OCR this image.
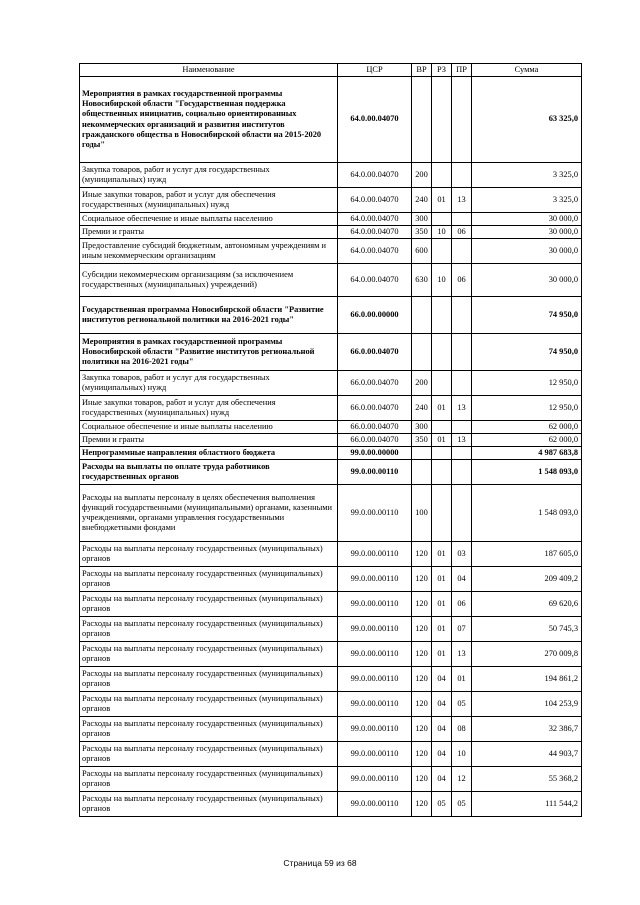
Наименование	ЦСР	ВР	РЗ	ПР	Сумма
Мероприятия в рамках государственной программы Новосибирской области "Государственная поддержка общественных инициатив, социально ориентированных некоммерческих организаций и развития институтов гражданского общества в Новосибирской области на 2015-2020 годы"	64.0.00.04070				63 325,0
Закупка товаров, работ и услуг для государственных (муниципальных) нужд	64.0.00.04070	200			3 325,0
Иные закупки товаров, работ и услуг для обеспечения государственных (муниципальных) нужд	64.0.00.04070	240	01	13	3 325,0
Социальное обеспечение и иные выплаты населению	64.0.00.04070	300			30 000,0
Премии и гранты	64.0.00.04070	350	10	06	30 000,0
Предоставление субсидий бюджетным, автономным учреждениям и иным некоммерческим организациям	64.0.00.04070	600			30 000,0
Субсидии некоммерческим организациям (за исключением государственных (муниципальных) учреждений)	64.0.00.04070	630	10	06	30 000,0
Государственная программа Новосибирской области "Развитие институтов региональной политики на 2016-2021 годы"	66.0.00.00000				74 950,0
Мероприятия в рамках государственной программы Новосибирской области "Развитие институтов региональной политики на 2016-2021 годы"	66.0.00.04070				74 950,0
Закупка товаров, работ и услуг для государственных (муниципальных) нужд	66.0.00.04070	200			12 950,0
Иные закупки товаров, работ и услуг для обеспечения государственных (муниципальных) нужд	66.0.00.04070	240	01	13	12 950,0
Социальное обеспечение и иные выплаты населению	66.0.00.04070	300			62 000,0
Премии и гранты	66.0.00.04070	350	01	13	62 000,0
Непрограммные направления областного бюджета	99.0.00.00000				4 987 683,8
Расходы на выплаты по оплате труда работников государственных органов	99.0.00.00110				1 548 093,0
Расходы на выплаты персоналу в целях обеспечения выполнения функций государственными (муниципальными) органами, казенными учреждениями, органами управления государственными внебюджетными фондами	99.0.00.00110	100			1 548 093,0
Расходы на выплаты персоналу государственных (муниципальных) органов	99.0.00.00110	120	01	03	187 605,0
Расходы на выплаты персоналу государственных (муниципальных) органов	99.0.00.00110	120	01	04	209 409,2
Расходы на выплаты персоналу государственных (муниципальных) органов	99.0.00.00110	120	01	06	69 620,6
Расходы на выплаты персоналу государственных (муниципальных) органов	99.0.00.00110	120	01	07	50 745,3
Расходы на выплаты персоналу государственных (муниципальных) органов	99.0.00.00110	120	01	13	270 009,8
Расходы на выплаты персоналу государственных (муниципальных) органов	99.0.00.00110	120	04	01	194 861,2
Расходы на выплаты персоналу государственных (муниципальных) органов	99.0.00.00110	120	04	05	104 253,9
Расходы на выплаты персоналу государственных (муниципальных) органов	99.0.00.00110	120	04	08	32 386,7
Расходы на выплаты персоналу государственных (муниципальных) органов	99.0.00.00110	120	04	10	44 903,7
Расходы на выплаты персоналу государственных (муниципальных) органов	99.0.00.00110	120	04	12	55 368,2
Расходы на выплаты персоналу государственных (муниципальных) органов	99.0.00.00110	120	05	05	111 544,2
Страница 59 из 68
